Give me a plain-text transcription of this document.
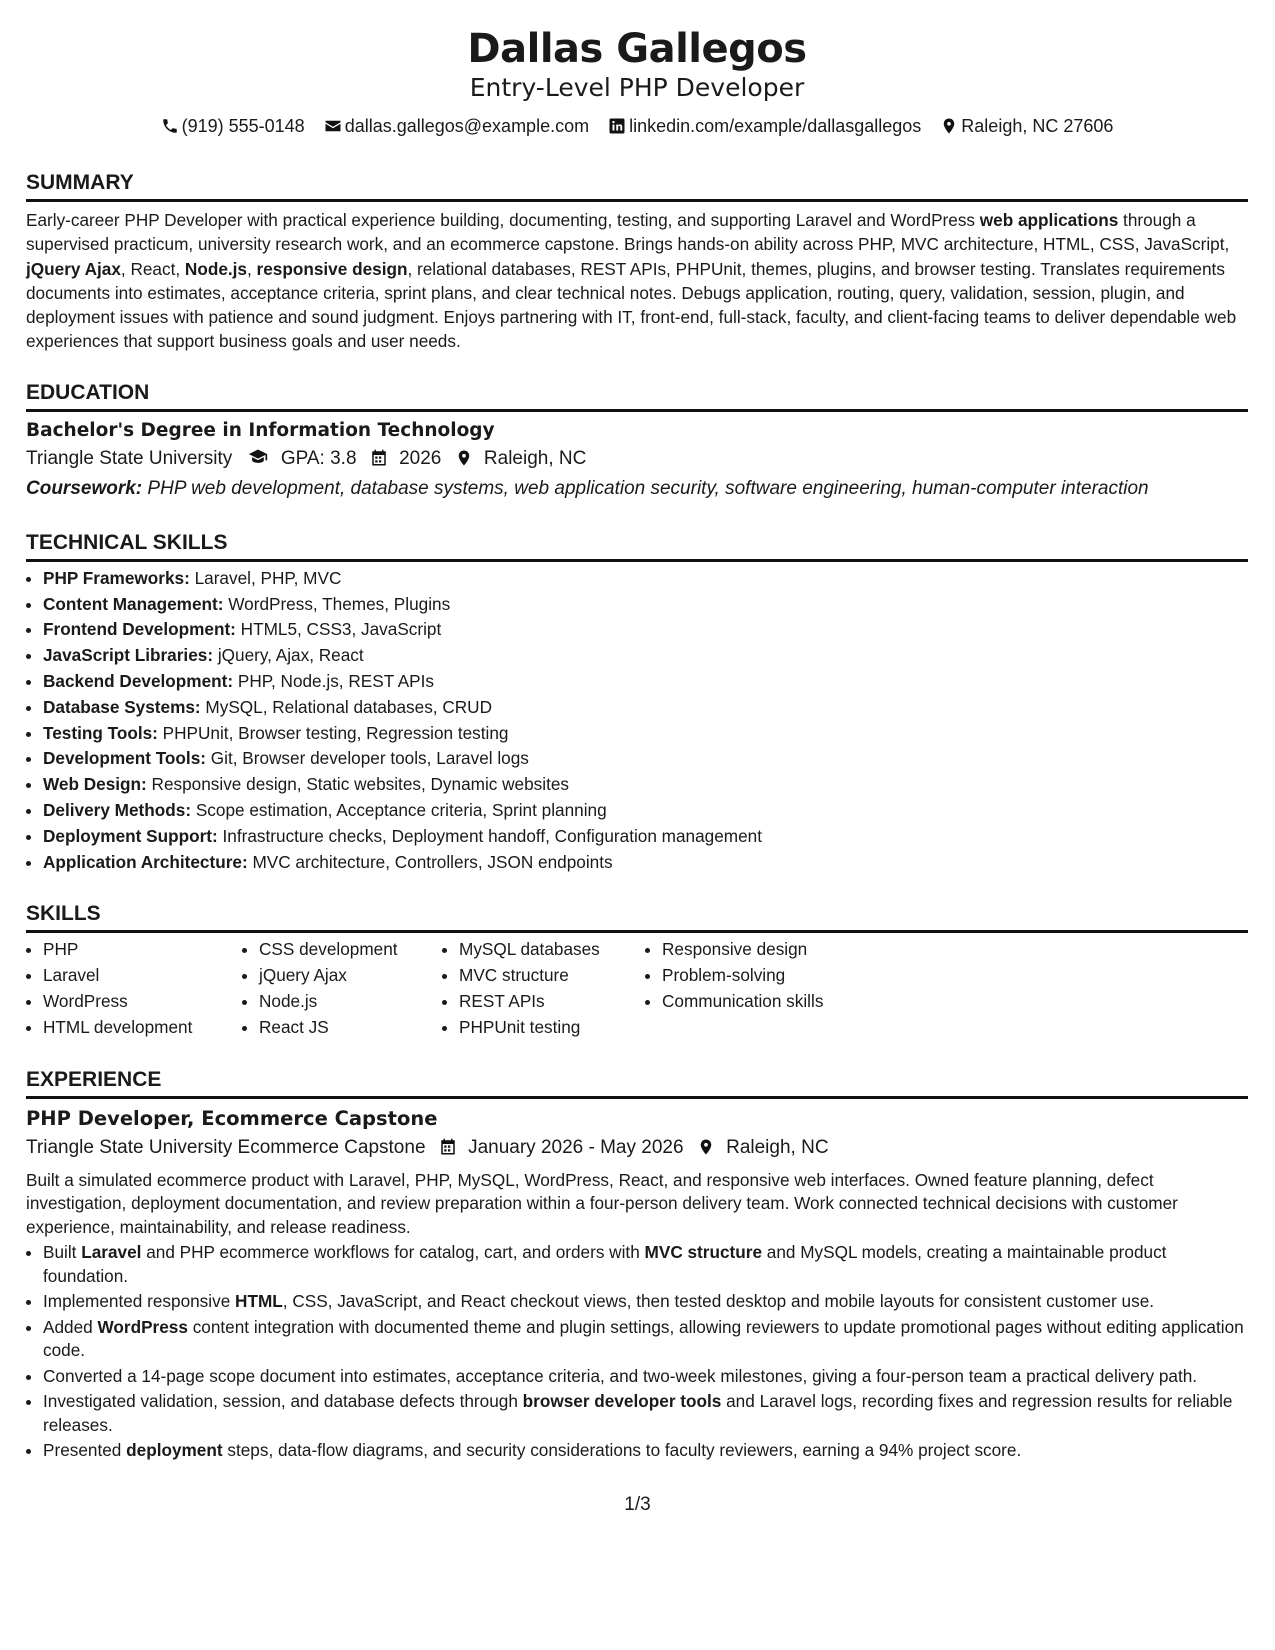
Dallas Gallegos
Entry-Level PHP Developer
(919) 555-0148 dallas.gallegos@example.com linkedin.com/example/dallasgallegos Raleigh, NC 27606
SUMMARY
Early-career PHP Developer with practical experience building, documenting, testing, and supporting Laravel and WordPress web applications through a supervised practicum, university research work, and an ecommerce capstone. Brings hands-on ability across PHP, MVC architecture, HTML, CSS, JavaScript, jQuery Ajax, React, Node.js, responsive design, relational databases, REST APIs, PHPUnit, themes, plugins, and browser testing. Translates requirements documents into estimates, acceptance criteria, sprint plans, and clear technical notes. Debugs application, routing, query, validation, session, plugin, and deployment issues with patience and sound judgment. Enjoys partnering with IT, front-end, full-stack, faculty, and client-facing teams to deliver dependable web experiences that support business goals and user needs.
EDUCATION
Bachelor's Degree in Information Technology
Triangle State University	GPA: 3.8 2026 Raleigh, NC
Coursework: PHP web development, database systems, web application security, software engineering, human-computer interaction
TECHNICAL SKILLS
• PHP Frameworks: Laravel, PHP, MVC
• Content Management: WordPress, Themes, Plugins
• Frontend Development: HTML5, CSS3, JavaScript
• JavaScript Libraries: jQuery, Ajax, React
• Backend Development: PHP, Node.js, REST APIs
• Database Systems: MySQL, Relational databases, CRUD
• Testing Tools: PHPUnit, Browser testing, Regression testing
• Development Tools: Git, Browser developer tools, Laravel logs
• Web Design: Responsive design, Static websites, Dynamic websites
• Delivery Methods: Scope estimation, Acceptance criteria, Sprint planning
• Deployment Support: Infrastructure checks, Deployment handoff, Configuration management
• Application Architecture: MVC architecture, Controllers, JSON endpoints
SKILLS
• PHP
• Laravel
• WordPress
• HTML development
• CSS development
• jQuery Ajax
• Node.js
• React JS
• MySQL databases
• MVC structure
• REST APIs
• PHPUnit testing
• Responsive design
• Problem-solving
• Communication skills
EXPERIENCE
PHP Developer, Ecommerce Capstone
Triangle State University Ecommerce Capstone January 2026 - May 2026 Raleigh, NC
Built a simulated ecommerce product with Laravel, PHP, MySQL, WordPress, React, and responsive web interfaces. Owned feature planning, defect investigation, deployment documentation, and review preparation within a four-person delivery team. Work connected technical decisions with customer experience, maintainability, and release readiness.
• Built Laravel and PHP ecommerce workflows for catalog, cart, and orders with MVC structure and MySQL models, creating a maintainable product foundation.
• Implemented responsive HTML, CSS, JavaScript, and React checkout views, then tested desktop and mobile layouts for consistent customer use.
• Added WordPress content integration with documented theme and plugin settings, allowing reviewers to update promotional pages without editing application code.
• Converted a 14-page scope document into estimates, acceptance criteria, and two-week milestones, giving a four-person team a practical delivery path.
• Investigated validation, session, and database defects through browser developer tools and Laravel logs, recording fixes and regression results for reliable releases.
• Presented deployment steps, data-flow diagrams, and security considerations to faculty reviewers, earning a 94% project score.
1/3
